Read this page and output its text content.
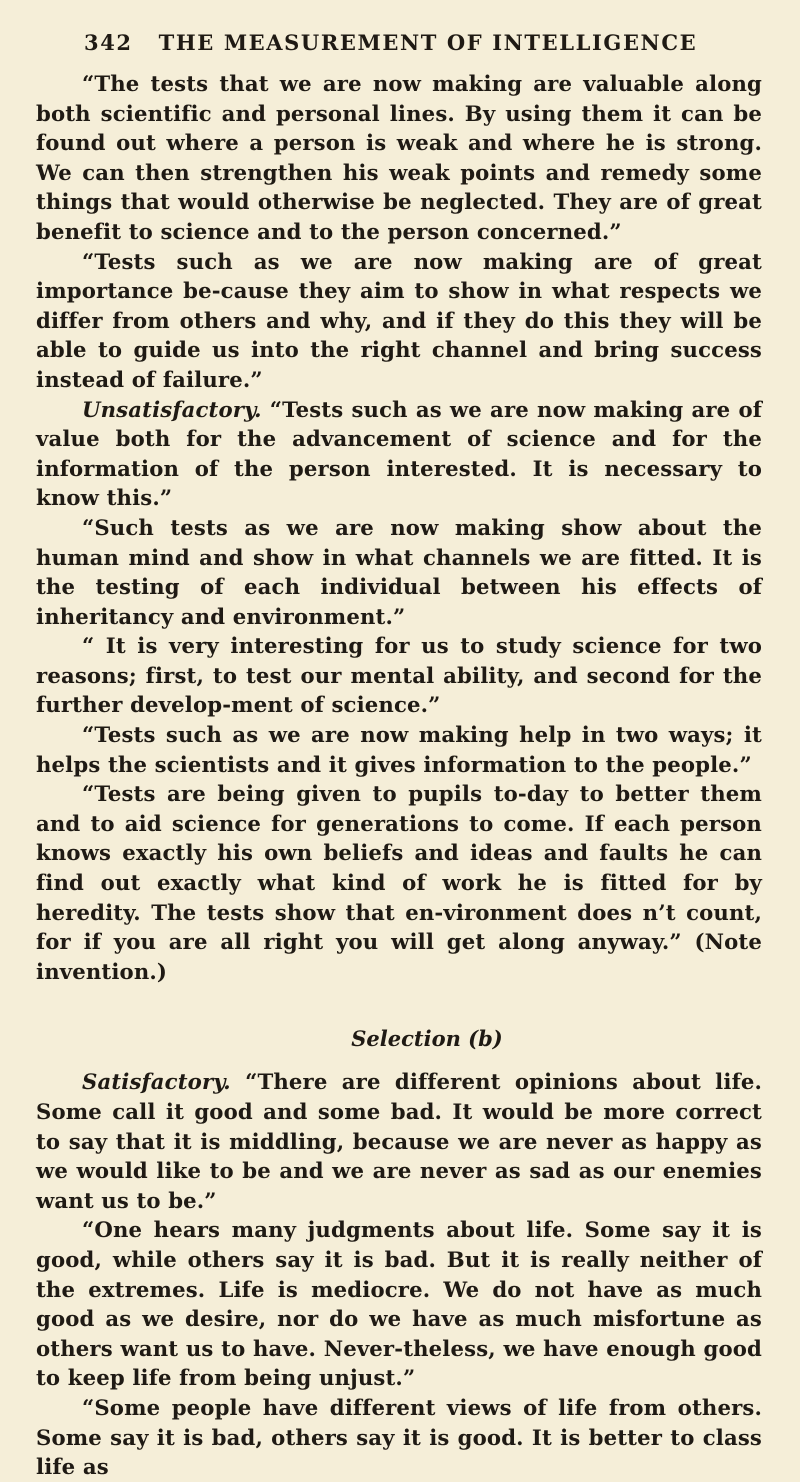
342 THE MEASUREMENT OF INTELLIGENCE

“The tests that we are now making are valuable along both scientific and personal lines. By using them it can be found out where a person is weak and where he is strong. We can then strengthen his weak points and remedy some things that would otherwise be neglected. They are of great benefit to science and to the person concerned.”

“Tests such as we are now making are of great importance be-cause they aim to show in what respects we differ from others and why, and if they do this they will be able to guide us into the right channel and bring success instead of failure.”

Unsatisfactory. “Tests such as we are now making are of value both for the advancement of science and for the information of the person interested. It is necessary to know this.”

“Such tests as we are now making show about the human mind and show in what channels we are fitted. It is the testing of each individual between his effects of inheritancy and environment.”

“ It is very interesting for us to study science for two reasons; first, to test our mental ability, and second for the further develop-ment of science.”

“Tests such as we are now making help in two ways; it helps the scientists and it gives information to the people.”

“Tests are being given to pupils to-day to better them and to aid science for generations to come. If each person knows exactly his own beliefs and ideas and faults he can find out exactly what kind of work he is fitted for by heredity. The tests show that en-vironment does n’t count, for if you are all right you will get along anyway.” (Note invention.)

Selection (b)

Satisfactory. “There are different opinions about life. Some call it good and some bad. It would be more correct to say that it is middling, because we are never as happy as we would like to be and we are never as sad as our enemies want us to be.”

“One hears many judgments about life. Some say it is good, while others say it is bad. But it is really neither of the extremes. Life is mediocre. We do not have as much good as we desire, nor do we have as much misfortune as others want us to have. Never-theless, we have enough good to keep life from being unjust.”

“Some people have different views of life from others. Some say it is bad, others say it is good. It is better to class life as
